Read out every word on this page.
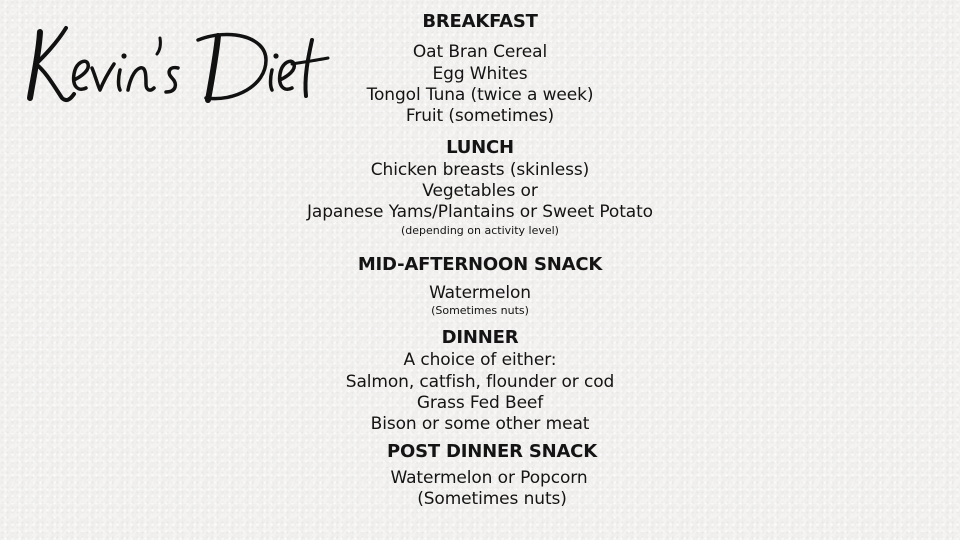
BREAKFAST
Oat Bran Cereal
Egg Whites
Tongol Tuna (twice a week)
Fruit (sometimes)
LUNCH
Chicken breasts (skinless)
Vegetables or
Japanese Yams/Plantains or Sweet Potato
(depending on activity level)
MID-AFTERNOON SNACK
Watermelon
(Sometimes nuts)
DINNER
A choice of either:
Salmon, catfish, flounder or cod
Grass Fed Beef
Bison or some other meat
POST DINNER SNACK
Watermelon or Popcorn
(Sometimes nuts)
